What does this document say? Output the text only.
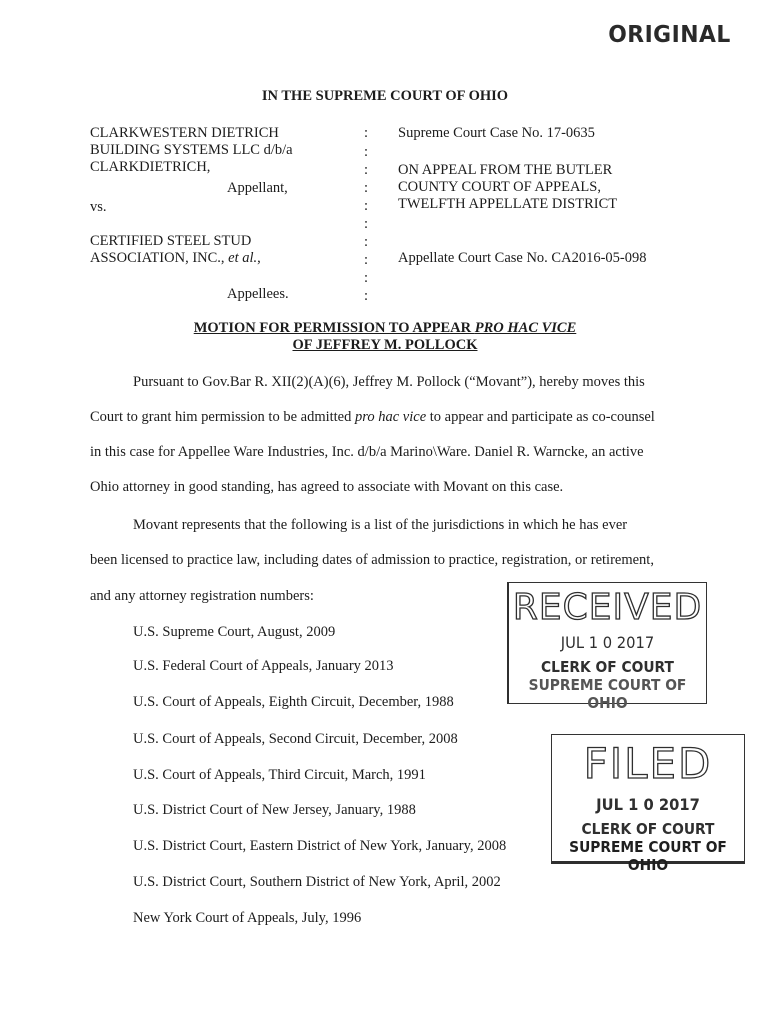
ORIGINAL
IN THE SUPREME COURT OF OHIO
CLARKWESTERN DIETRICH
BUILDING SYSTEMS LLC d/b/a
CLARKDIETRICH,
Appellant,
vs.
CERTIFIED STEEL STUD
ASSOCIATION, INC., et al.,
Appellees.
:
:
:
:
:
:
:
:
:
:
Supreme Court Case No. 17-0635
ON APPEAL FROM THE BUTLER
COUNTY COURT OF APPEALS,
TWELFTH APPELLATE DISTRICT
Appellate Court Case No. CA2016-05-098
MOTION FOR PERMISSION TO APPEAR PRO HAC VICE
OF JEFFREY M. POLLOCK
Pursuant to Gov.Bar R. XII(2)(A)(6), Jeffrey M. Pollock (“Movant”), hereby moves this
Court to grant him permission to be admitted pro hac vice to appear and participate as co-counsel
in this case for Appellee Ware Industries, Inc. d/b/a Marino\Ware. Daniel R. Warncke, an active
Ohio attorney in good standing, has agreed to associate with Movant on this case.
Movant represents that the following is a list of the jurisdictions in which he has ever
been licensed to practice law, including dates of admission to practice, registration, or retirement,
and any attorney registration numbers:
U.S. Supreme Court, August, 2009
U.S. Federal Court of Appeals, January 2013
U.S. Court of Appeals, Eighth Circuit, December, 1988
U.S. Court of Appeals, Second Circuit, December, 2008
U.S. Court of Appeals, Third Circuit, March, 1991
U.S. District Court of New Jersey, January, 1988
U.S. District Court, Eastern District of New York, January, 2008
U.S. District Court, Southern District of New York, April, 2002
New York Court of Appeals, July, 1996
RECEIVED
JUL 1 0 2017
CLERK OF COURT
SUPREME COURT OF OHIO
FILED
JUL 1 0 2017
CLERK OF COURT
SUPREME COURT OF OHIO
